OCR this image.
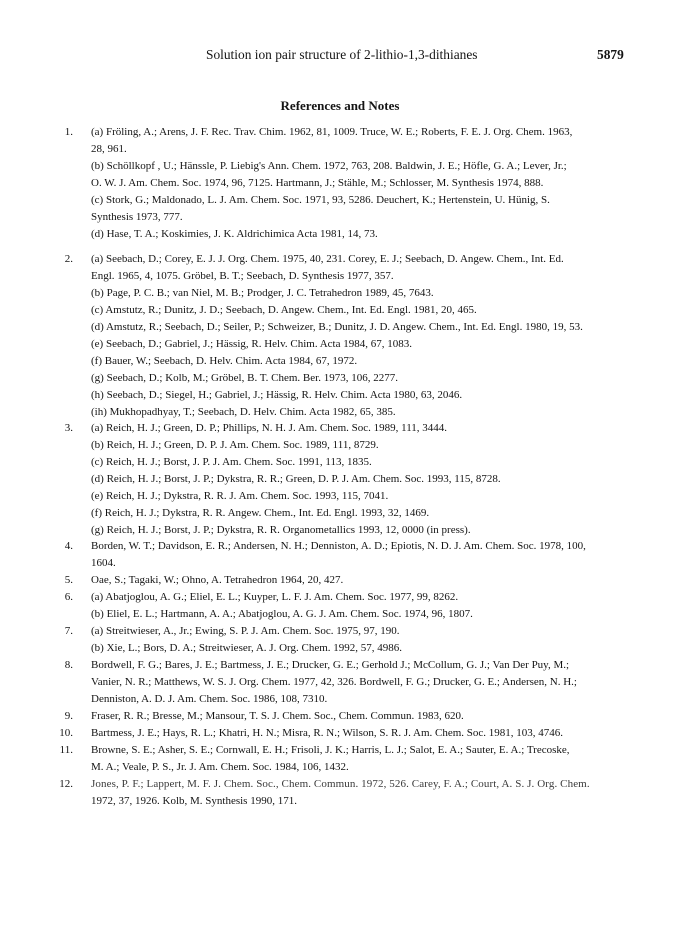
Solution ion pair structure of 2-lithio-1,3-dithianes	5879
References and Notes
1.
2.
3.
4.
5.
6.
7.
8.
9.
10.
11.
12.
(a) Fröling, A.; Arens, J. F. Rec. Trav. Chim. 1962, 81, 1009. Truce, W. E.; Roberts, F. E. J. Org. Chem. 1963,
28, 961.
(b) Schöllkopf , U.; Hänssle, P. Liebig's Ann. Chem. 1972, 763, 208. Baldwin, J. E.; Höfle, G. A.; Lever, Jr.;
O. W. J. Am. Chem. Soc. 1974, 96, 7125. Hartmann, J.; Stähle, M.; Schlosser, M. Synthesis 1974, 888.
(c) Stork, G.; Maldonado, L. J. Am. Chem. Soc. 1971, 93, 5286. Deuchert, K.; Hertenstein, U. Hünig, S.
Synthesis 1973, 777.
(d) Hase, T. A.; Koskimies, J. K. Aldrichimica Acta 1981, 14, 73.
(a) Seebach, D.; Corey, E. J. J. Org. Chem. 1975, 40, 231. Corey, E. J.; Seebach, D. Angew. Chem., Int. Ed.
Engl. 1965, 4, 1075. Gröbel, B. T.; Seebach, D. Synthesis 1977, 357.
(b) Page, P. C. B.; van Niel, M. B.; Prodger, J. C. Tetrahedron 1989, 45, 7643.
(c) Amstutz, R.; Dunitz, J. D.; Seebach, D. Angew. Chem., Int. Ed. Engl. 1981, 20, 465.
(d) Amstutz, R.; Seebach, D.; Seiler, P.; Schweizer, B.; Dunitz, J. D. Angew. Chem., Int. Ed. Engl. 1980, 19, 53.
(e) Seebach, D.; Gabriel, J.; Hässig, R. Helv. Chim. Acta 1984, 67, 1083.
(f) Bauer, W.; Seebach, D. Helv. Chim. Acta 1984, 67, 1972.
(g) Seebach, D.; Kolb, M.; Gröbel, B. T. Chem. Ber. 1973, 106, 2277.
(h) Seebach, D.; Siegel, H.; Gabriel, J.; Hässig, R. Helv. Chim. Acta 1980, 63, 2046.
(ih) Mukhopadhyay, T.; Seebach, D. Helv. Chim. Acta 1982, 65, 385.
(a) Reich, H. J.; Green, D. P.; Phillips, N. H. J. Am. Chem. Soc. 1989, 111, 3444.
(b) Reich, H. J.; Green, D. P. J. Am. Chem. Soc. 1989, 111, 8729.
(c) Reich, H. J.; Borst, J. P. J. Am. Chem. Soc. 1991, 113, 1835.
(d) Reich, H. J.; Borst, J. P.; Dykstra, R. R.; Green, D. P. J. Am. Chem. Soc. 1993, 115, 8728.
(e) Reich, H. J.; Dykstra, R. R. J. Am. Chem. Soc. 1993, 115, 7041.
(f) Reich, H. J.; Dykstra, R. R. Angew. Chem., Int. Ed. Engl. 1993, 32, 1469.
(g) Reich, H. J.; Borst, J. P.; Dykstra, R. R. Organometallics 1993, 12, 0000 (in press).
Borden, W. T.; Davidson, E. R.; Andersen, N. H.; Denniston, A. D.; Epiotis, N. D. J. Am. Chem. Soc. 1978, 100,
1604.
Oae, S.; Tagaki, W.; Ohno, A. Tetrahedron 1964, 20, 427.
(a) Abatjoglou, A. G.; Eliel, E. L.; Kuyper, L. F. J. Am. Chem. Soc. 1977, 99, 8262.
(b) Eliel, E. L.; Hartmann, A. A.; Abatjoglou, A. G. J. Am. Chem. Soc. 1974, 96, 1807.
(a) Streitwieser, A., Jr.; Ewing, S. P. J. Am. Chem. Soc. 1975, 97, 190.
(b) Xie, L.; Bors, D. A.; Streitwieser, A. J. Org. Chem. 1992, 57, 4986.
Bordwell, F. G.; Bares, J. E.; Bartmess, J. E.; Drucker, G. E.; Gerhold J.; McCollum, G. J.; Van Der Puy, M.;
Vanier, N. R.; Matthews, W. S. J. Org. Chem. 1977, 42, 326. Bordwell, F. G.; Drucker, G. E.; Andersen, N. H.;
Denniston, A. D. J. Am. Chem. Soc. 1986, 108, 7310.
Fraser, R. R.; Bresse, M.; Mansour, T. S. J. Chem. Soc., Chem. Commun. 1983, 620.
Bartmess, J. E.; Hays, R. L.; Khatri, H. N.; Misra, R. N.; Wilson, S. R. J. Am. Chem. Soc. 1981, 103, 4746.
Browne, S. E.; Asher, S. E.; Cornwall, E. H.; Frisoli, J. K.; Harris, L. J.; Salot, E. A.; Sauter, E. A.; Trecoske,
M. A.; Veale, P. S., Jr. J. Am. Chem. Soc. 1984, 106, 1432.
Jones, P. F.; Lappert, M. F. J. Chem. Soc., Chem. Commun. 1972, 526. Carey, F. A.; Court, A. S. J. Org. Chem.
1972, 37, 1926. Kolb, M. Synthesis 1990, 171.
